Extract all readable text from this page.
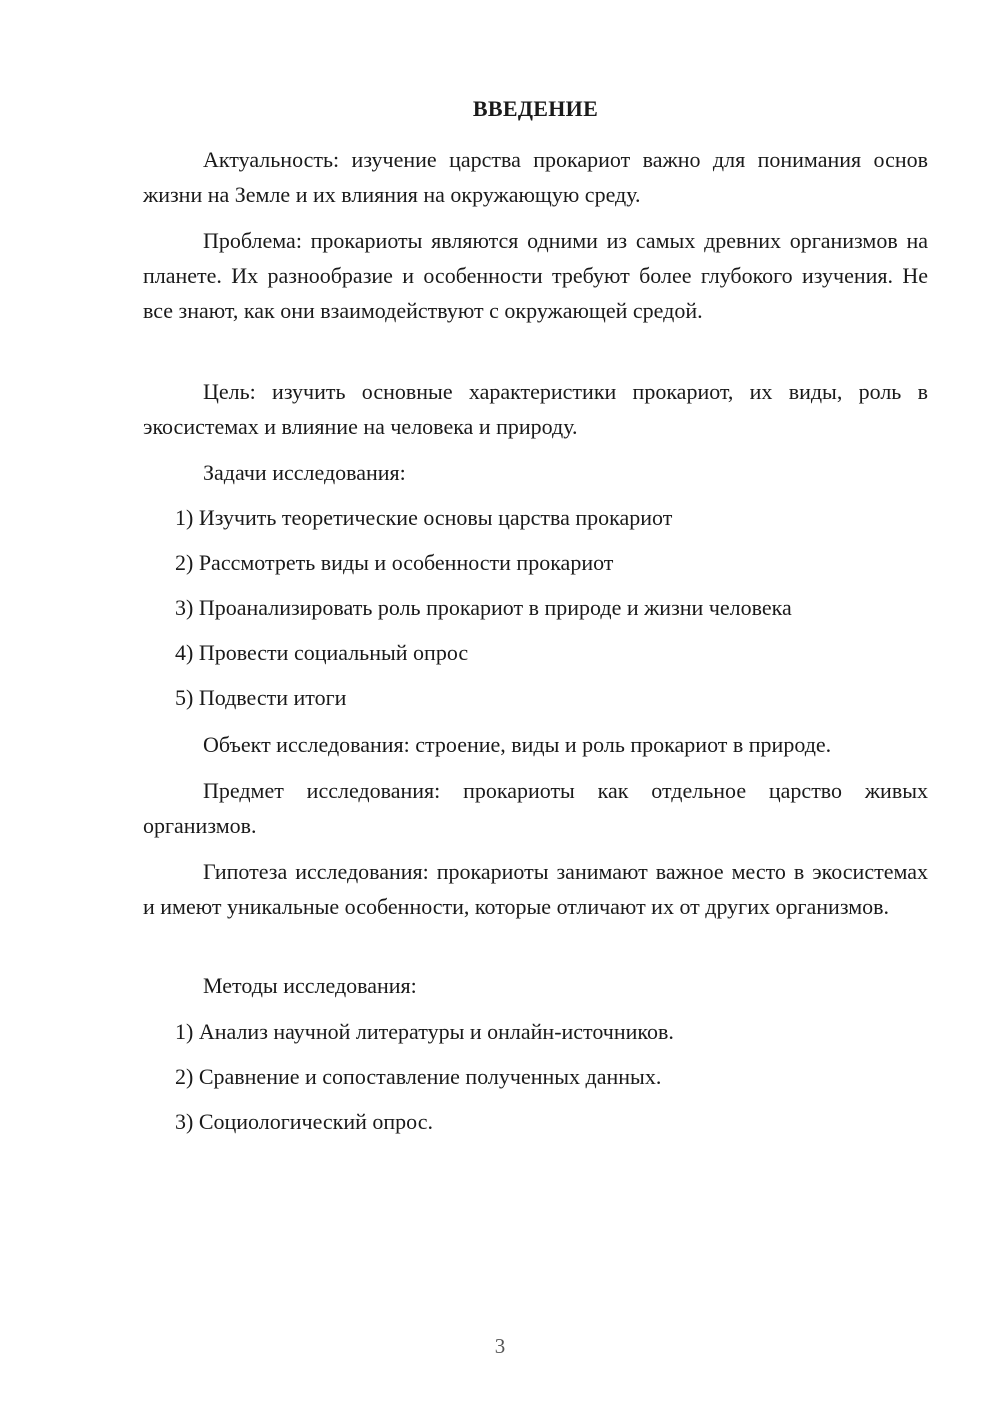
ВВЕДЕНИЕ
Актуальность: изучение царства прокариот важно для понимания основ жизни на Земле и их влияния на окружающую среду.
Проблема: прокариоты являются одними из самых древних организмов на планете. Их разнообразие и особенности требуют более глубокого изучения. Не все знают, как они взаимодействуют с окружающей средой.
Цель: изучить основные характеристики прокариот, их виды, роль в экосистемах и влияние на человека и природу.
Задачи исследования:
1) Изучить теоретические основы царства прокариот
2) Рассмотреть виды и особенности прокариот
3) Проанализировать роль прокариот в природе и жизни человека
4) Провести социальный опрос
5) Подвести итоги
Объект исследования: строение, виды и роль прокариот в природе.
Предмет исследования: прокариоты как отдельное царство живых организмов.
Гипотеза исследования: прокариоты занимают важное место в экосистемах и имеют уникальные особенности, которые отличают их от других организмов.
Методы исследования:
1) Анализ научной литературы и онлайн-источников.
2) Сравнение и сопоставление полученных данных.
3) Социологический опрос.
3
